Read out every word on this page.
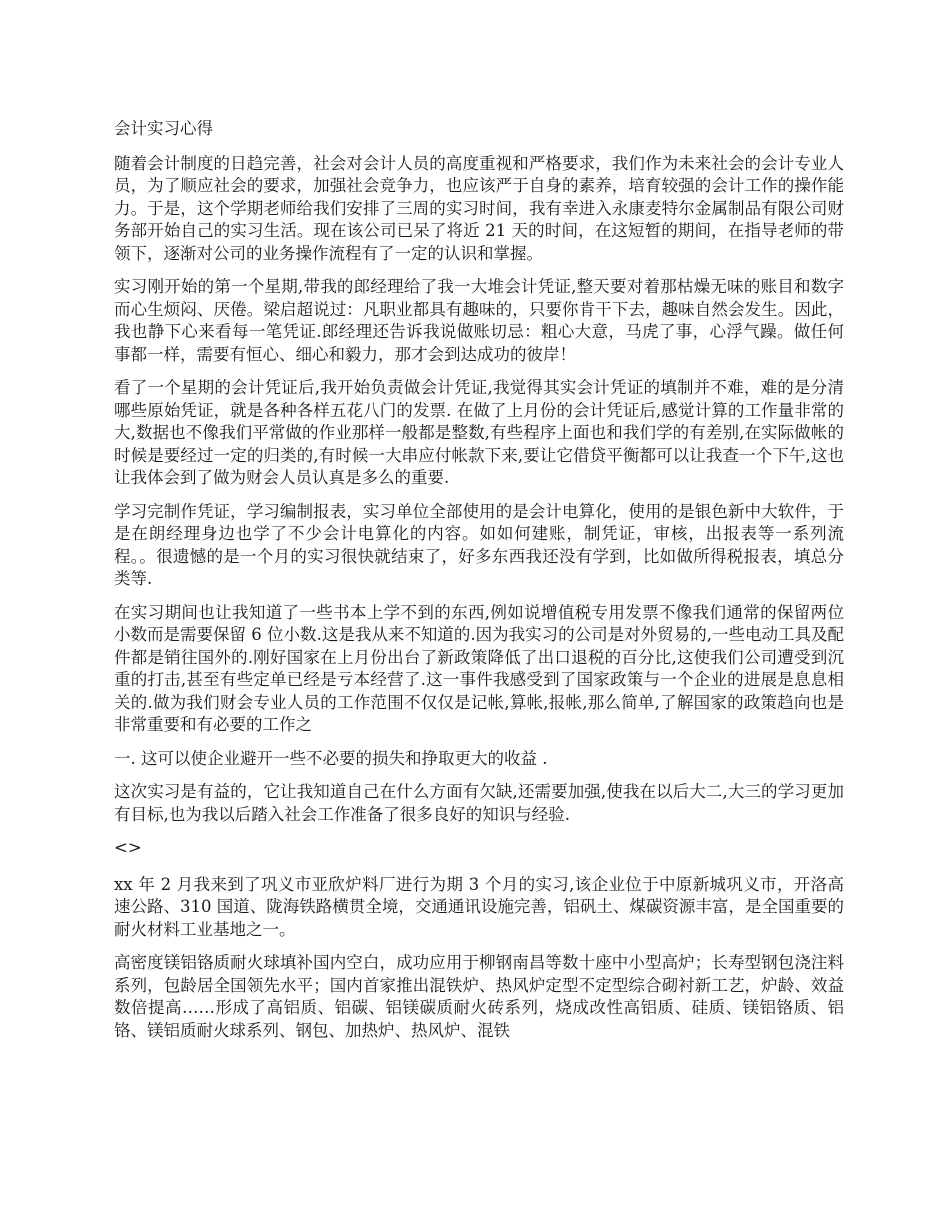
会计实习心得

随着会计制度的日趋完善，社会对会计人员的高度重视和严格要求，我们作为未来社会的会计专业人员，为了顺应社会的要求，加强社会竞争力，也应该严于自身的素养，培育较强的会计工作的操作能力。于是，这个学期老师给我们安排了三周的实习时间，我有幸进入永康麦特尔金属制品有限公司财务部开始自己的实习生活。现在该公司已呆了将近 21 天的时间，在这短暂的期间，在指导老师的带领下，逐渐对公司的业务操作流程有了一定的认识和掌握。

实习刚开始的第一个星期,带我的郎经理给了我一大堆会计凭证,整天要对着那枯燥无味的账目和数字而心生烦闷、厌倦。梁启超说过：凡职业都具有趣味的，只要你肯干下去，趣味自然会发生。因此，我也静下心来看每一笔凭证.郎经理还告诉我说做账切忌：粗心大意，马虎了事，心浮气躁。做任何事都一样，需要有恒心、细心和毅力，那才会到达成功的彼岸！

看了一个星期的会计凭证后,我开始负责做会计凭证,我觉得其实会计凭证的填制并不难，难的是分清哪些原始凭证，就是各种各样五花八门的发票. 在做了上月份的会计凭证后,感觉计算的工作量非常的大,数据也不像我们平常做的作业那样一般都是整数,有些程序上面也和我们学的有差别,在实际做帐的时候是要经过一定的归类的,有时候一大串应付帐款下来,要让它借贷平衡都可以让我查一个下午,这也让我体会到了做为财会人员认真是多么的重要.

学习完制作凭证，学习编制报表，实习单位全部使用的是会计电算化，使用的是银色新中大软件，于是在朗经理身边也学了不少会计电算化的内容。如如何建账，制凭证，审核，出报表等一系列流程。。很遗憾的是一个月的实习很快就结束了，好多东西我还没有学到，比如做所得税报表，填总分类等.

在实习期间也让我知道了一些书本上学不到的东西,例如说增值税专用发票不像我们通常的保留两位小数而是需要保留 6 位小数.这是我从来不知道的.因为我实习的公司是对外贸易的,一些电动工具及配件都是销往国外的.刚好国家在上月份出台了新政策降低了出口退税的百分比,这使我们公司遭受到沉重的打击,甚至有些定单已经是亏本经营了.这一事件我感受到了国家政策与一个企业的进展是息息相关的.做为我们财会专业人员的工作范围不仅仅是记帐,算帐,报帐,那么简单,了解国家的政策趋向也是非常重要和有必要的工作之

一. 这可以使企业避开一些不必要的损失和挣取更大的收益 .

这次实习是有益的，它让我知道自己在什么方面有欠缺,还需要加强,使我在以后大二,大三的学习更加有目标,也为我以后踏入社会工作准备了很多良好的知识与经验.

<>

xx 年 2 月我来到了巩义市亚欣炉料厂进行为期 3 个月的实习,该企业位于中原新城巩义市，开洛高速公路、310 国道、陇海铁路横贯全境，交通通讯设施完善，铝矾土、煤碳资源丰富，是全国重要的耐火材料工业基地之一。

高密度镁铝铬质耐火球填补国内空白，成功应用于柳钢南昌等数十座中小型高炉；长寿型钢包浇注料系列，包龄居全国领先水平；国内首家推出混铁炉、热风炉定型不定型综合砌衬新工艺，炉龄、效益数倍提高……形成了高铝质、铝碳、铝镁碳质耐火砖系列，烧成改性高铝质、硅质、镁铝铬质、铝铬、镁铝质耐火球系列、钢包、加热炉、热风炉、混铁
